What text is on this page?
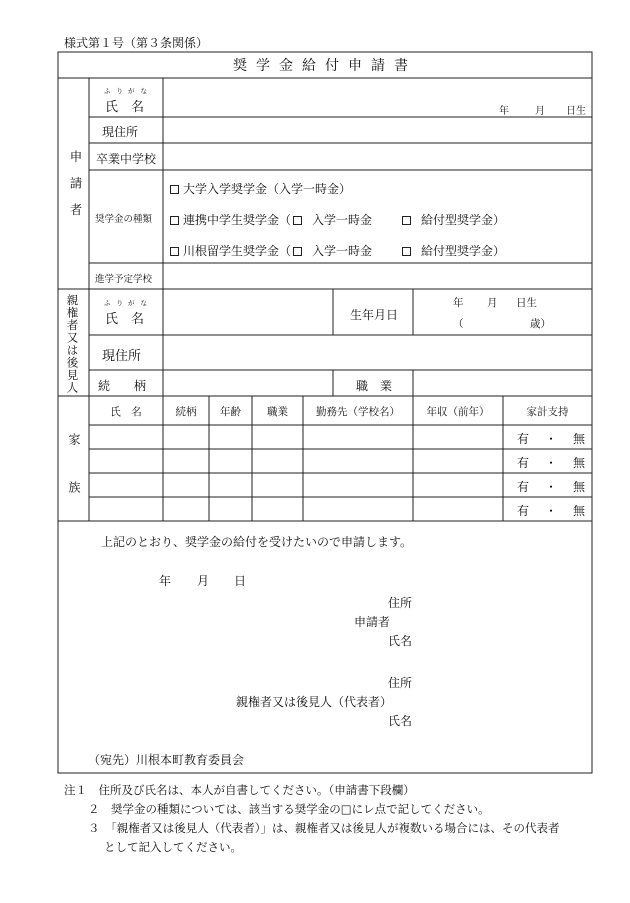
様式第１号（第３条関係）
奨学金給付申請書
申請者
ふり がな
氏　名	年	月 日生
現住所
卒業中学校
奨学金の種類
大学入学奨学金（入学一時金）
連携中学生奨学金（ 入学一時金	給付型奨学金）
川根留学生奨学金（ 入学一時金	給付型奨学金）
進学予定学校
親権者又は後見人	ふり がな
氏　名	生年月日
年 月 日生
（	歳）
現住所
続　　柄	職　業
家族
氏　名	続柄	年齢	職業	勤務先（学校名）	年収（前年）	家計支持
有 ・ 無
有 ・ 無
有 ・ 無
有 ・ 無
上記のとおり、奨学金の給付を受けたいので申請します。
年 月 日
住所
申請者
氏名
住所
親権者又は後見人（代表者）
氏名
（宛先）川根本町教育委員会
注１　住所及び氏名は、本人が自書してください。（申請書下段欄）
２　奨学金の種類については、該当する奨学金の□にレ点で記してください。
３　「親権者又は後見人（代表者）」は、親権者又は後見人が複数いる場合には、その代表者
として記入してください。
